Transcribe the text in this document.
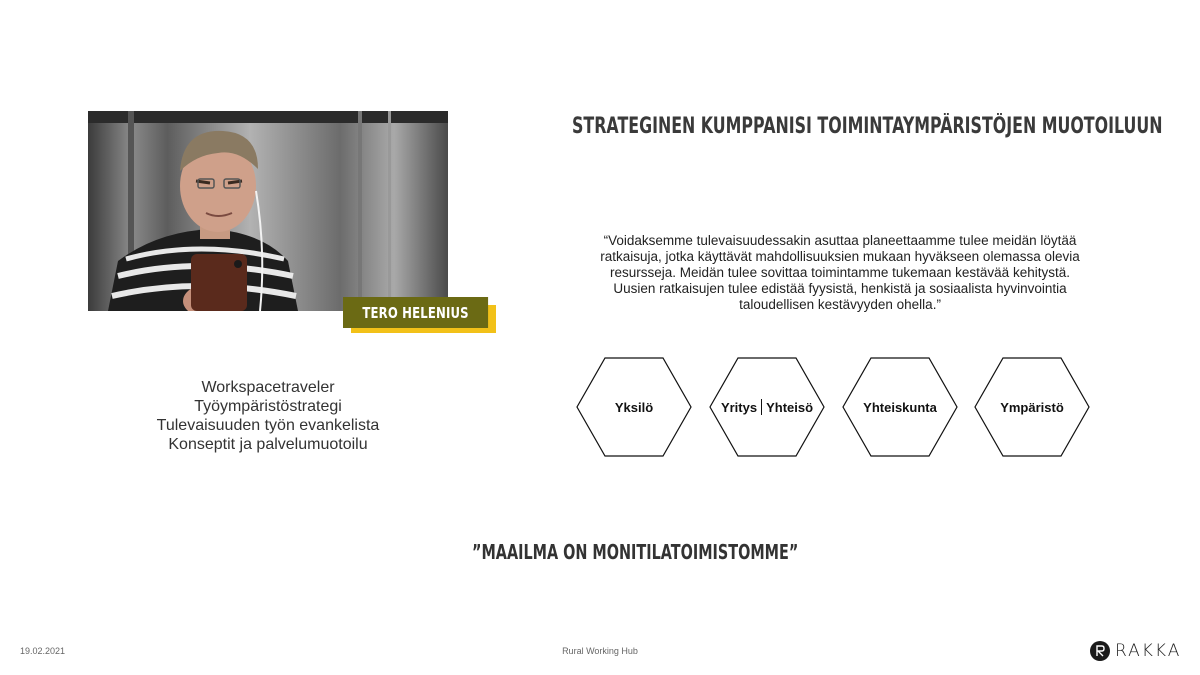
TERO HELENIUS
Workspacetraveler
Työympäristöstrategi
Tulevaisuuden työn evankelista
Konseptit ja palvelumuotoilu
STRATEGINEN KUMPPANISI TOIMINTAYMPÄRISTÖJEN MUOTOILUUN
“Voidaksemme tulevaisuudessakin asuttaa planeettaamme tulee meidän löytää
ratkaisuja, jotka käyttävät mahdollisuuksien mukaan hyväkseen olemassa olevia
resursseja. Meidän tulee sovittaa toimintamme tukemaan kestävää kehitystä.
Uusien ratkaisujen tulee edistää fyysistä, henkistä ja sosiaalista hyvinvointia
taloudellisen kestävyyden ohella.”
Yksilö	Yritys Yhteisö	Yhteiskunta	Ympäristö
”MAAILMA ON MONITILATOIMISTOMME”
19.02.2021	Rural Working Hub	RAKKA
